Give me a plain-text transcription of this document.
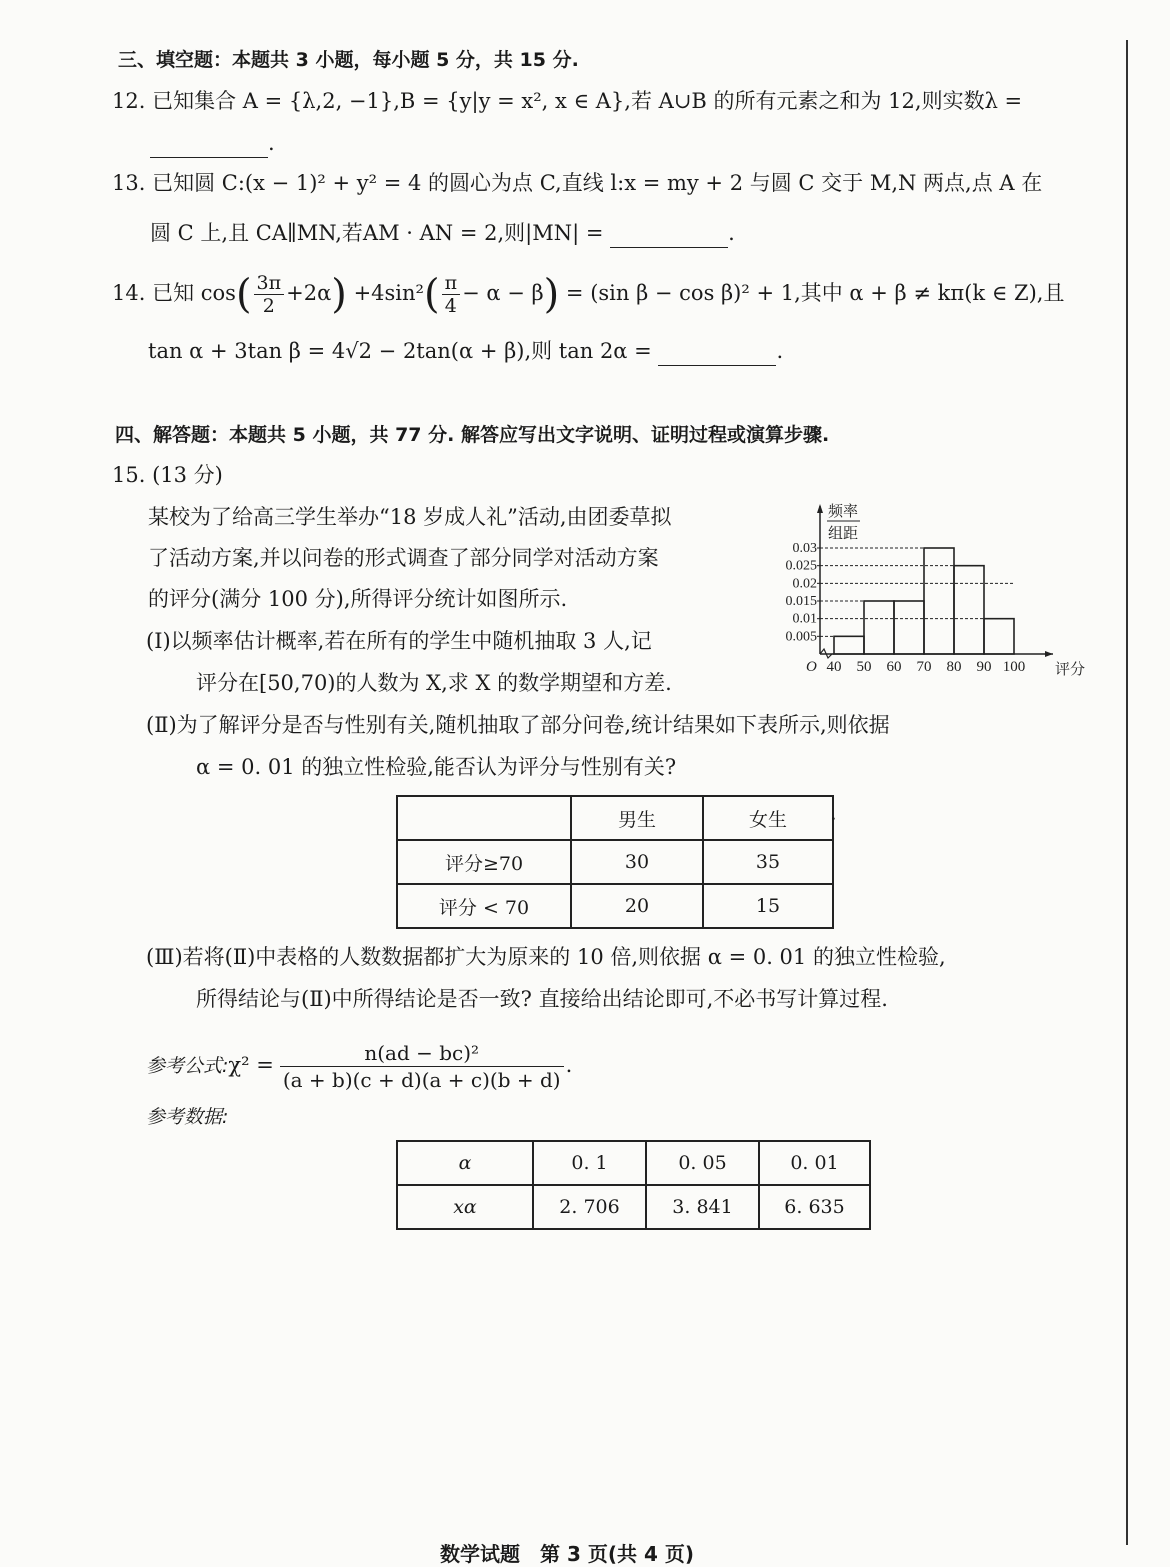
三、填空题：本题共 3 小题，每小题 5 分，共 15 分.
12. 已知集合 A = {λ,2, −1},B = {y|y = x², x ∈ A},若 A∪B 的所有元素之和为 12,则实数λ =
.
13. 已知圆 C:(x − 1)² + y² = 4 的圆心为点 C,直线 l:x = my + 2 与圆 C 交于 M,N 两点,点 A 在
圆 C 上,且 CA∥MN,若AM · AN = 2,则|MN| =	.
14. 已知 $\cos( \frac{3\pi}{2} +2\alpha) +4\sin^2( \frac{\pi}{4} - \alpha - \beta) = (\sin$ β − cos β)² + 1,其中 α + β ≠ kπ(k ∈ Z),且
tan α + 3tan β = 4√2 − 2tan(α + β),则 tan 2α =	.
四、解答题：本题共 5 小题，共 77 分. 解答应写出文字说明、证明过程或演算步骤.
15. (13 分)
某校为了给高三学生举办“18 岁成人礼”活动,由团委草拟
了活动方案,并以问卷的形式调查了部分同学对活动方案
的评分(满分 100 分),所得评分统计如图所示.
(Ⅰ)以频率估计概率,若在所有的学生中随机抽取 3 人,记
评分在[50,70)的人数为 X,求 X 的数学期望和方差.
(Ⅱ)为了解评分是否与性别有关,随机抽取了部分问卷,统计结果如下表所示,则依据
α = 0. 01 的独立性检验,能否认为评分与性别有关?
0.03
0.025
0.02
0.015
0.01
0.005
40 50 60 70 80 90 100
O	评分
频率
组距
	男生	女生
评分≥70	30	35
评分 < 70	20	15
·
(Ⅲ)若将(Ⅱ)中表格的人数数据都扩大为原来的 10 倍,则依据 α = 0. 01 的独立性检验,
所得结论与(Ⅱ)中所得结论是否一致? 直接给出结论即可,不必书写计算过程.
参考公式:χ² = $\frac{\text{n(ad − bc)²}}{(a + b)(c + d)(a + c)(b + d)}$ .
参考数据:
α	0. 1	0. 05	0. 01
xα	2. 706	3. 841	6. 635
数学试题　第 3 页(共 4 页)
